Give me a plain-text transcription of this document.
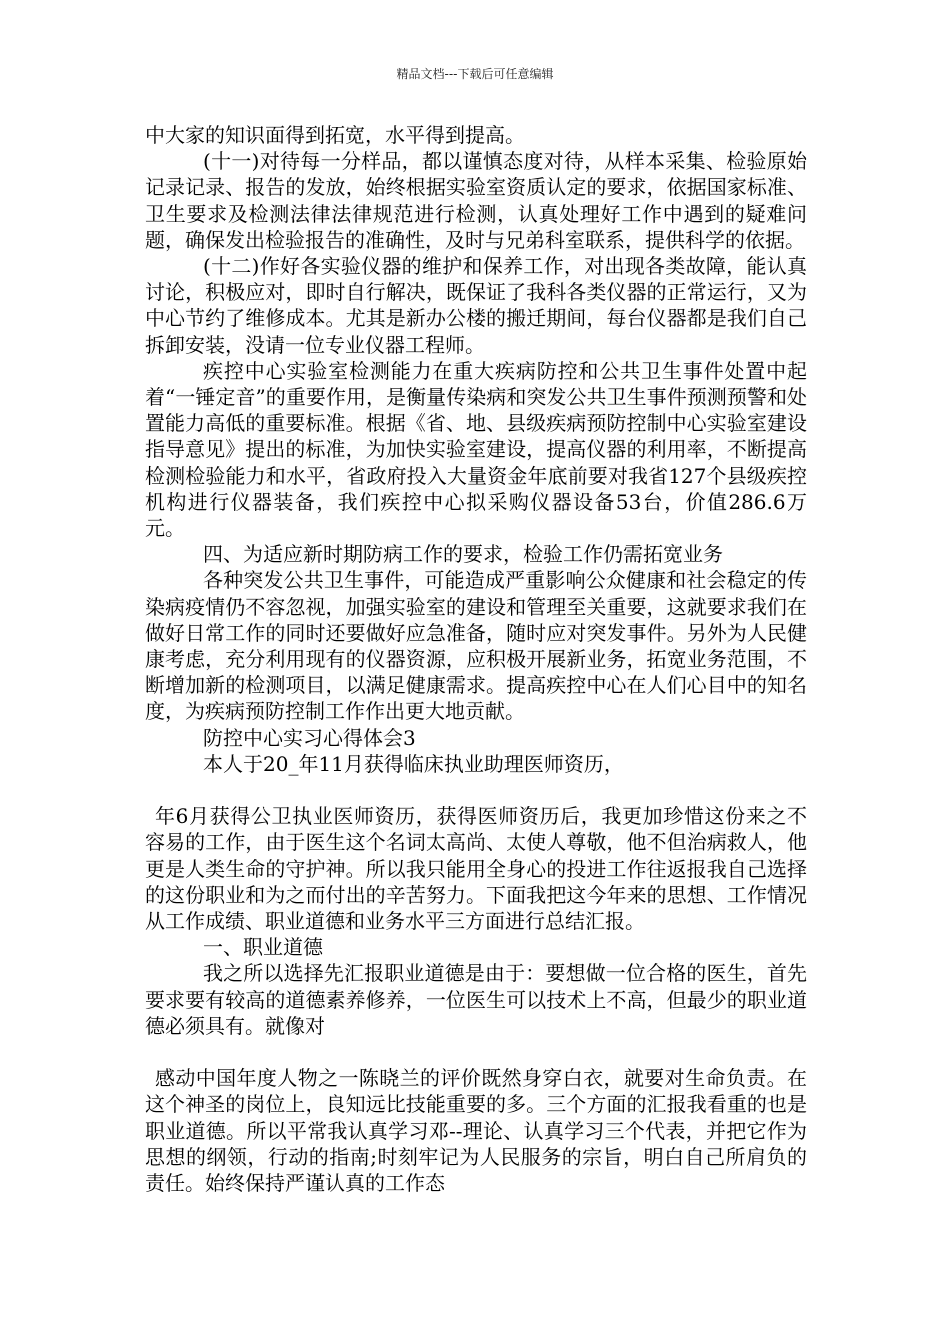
精品文档---下载后可任意编辑

中大家的知识面得到拓宽，水平得到提高。

(十一)对待每一分样品，都以谨慎态度对待，从样本采集、检验原始记录记录、报告的发放，始终根据实验室资质认定的要求，依据国家标准、卫生要求及检测法律法律规范进行检测，认真处理好工作中遇到的疑难问题，确保发出检验报告的准确性，及时与兄弟科室联系，提供科学的依据。

(十二)作好各实验仪器的维护和保养工作，对出现各类故障，能认真讨论，积极应对，即时自行解决，既保证了我科各类仪器的正常运行，又为中心节约了维修成本。尤其是新办公楼的搬迁期间，每台仪器都是我们自己拆卸安装，没请一位专业仪器工程师。

疾控中心实验室检测能力在重大疾病防控和公共卫生事件处置中起着“一锤定音”的重要作用，是衡量传染病和突发公共卫生事件预测预警和处置能力高低的重要标准。根据《省、地、县级疾病预防控制中心实验室建设指导意见》提出的标准，为加快实验室建设，提高仪器的利用率，不断提高检测检验能力和水平，省政府投入大量资金年底前要对我省127个县级疾控机构进行仪器装备，我们疾控中心拟采购仪器设备53台，价值286.6万元。

四、为适应新时期防病工作的要求，检验工作仍需拓宽业务

各种突发公共卫生事件，可能造成严重影响公众健康和社会稳定的传染病疫情仍不容忽视，加强实验室的建设和管理至关重要，这就要求我们在做好日常工作的同时还要做好应急准备，随时应对突发事件。另外为人民健康考虑，充分利用现有的仪器资源，应积极开展新业务，拓宽业务范围，不断增加新的检测项目，以满足健康需求。提高疾控中心在人们心目中的知名度，为疾病预防控制工作作出更大地贡献。

防控中心实习心得体会3

本人于20_年11月获得临床执业助理医师资历，

年6月获得公卫执业医师资历，获得医师资历后，我更加珍惜这份来之不容易的工作，由于医生这个名词太高尚、太使人尊敬，他不但治病救人，他更是人类生命的守护神。所以我只能用全身心的投进工作往返报我自己选择的这份职业和为之而付出的辛苦努力。下面我把这今年来的思想、工作情况从工作成绩、职业道德和业务水平三方面进行总结汇报。

一、职业道德

我之所以选择先汇报职业道德是由于：要想做一位合格的医生，首先要求要有较高的道德素养修养，一位医生可以技术上不高，但最少的职业道德必须具有。就像对

感动中国年度人物之一陈晓兰的评价既然身穿白衣，就要对生命负责。在这个神圣的岗位上，良知远比技能重要的多。三个方面的汇报我看重的也是职业道德。所以平常我认真学习邓--理论、认真学习三个代表，并把它作为思想的纲领，行动的指南;时刻牢记为人民服务的宗旨，明白自己所肩负的责任。始终保持严谨认真的工作态
